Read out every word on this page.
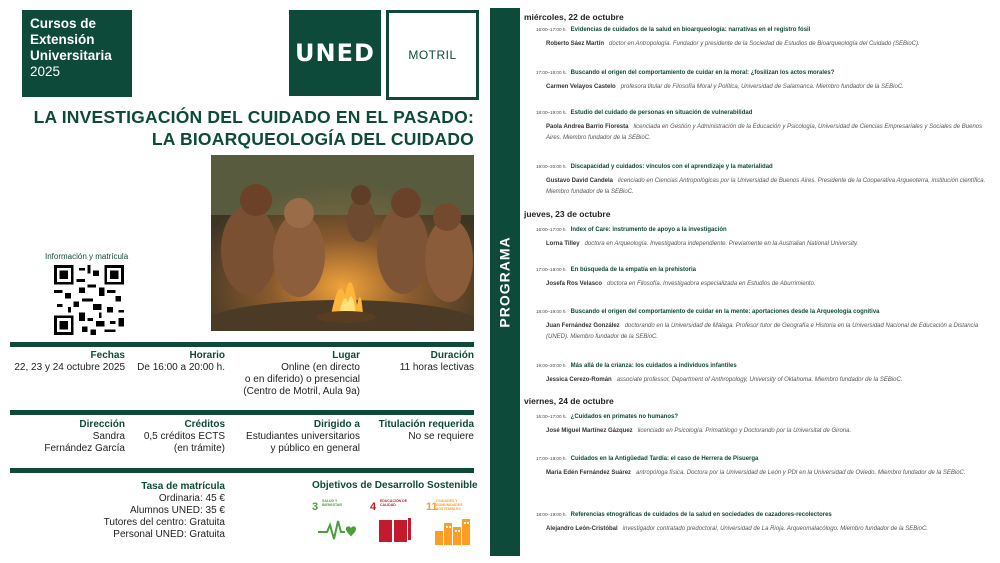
Cursos de
Extensión
Universitaria
2025
UNED	MOTRIL
LA INVESTIGACIÓN DEL CUIDADO EN EL PASADO:
LA BIOARQUEOLOGÍA DEL CUIDADO
Información y matrícula
Fechas
22, 23 y 24 octubre 2025
Horario
De 16:00 a 20:00 h.
Lugar
Online (en directo
o en diferido) o presencial
(Centro de Motril, Aula 9a)
Duración
11 horas lectivas
Dirección
Sandra
Fernández García
Créditos
0,5 créditos ECTS
(en trámite)
Dirigido a
Estudiantes universitarios
y público en general
Titulación requerida
No se requiere
Tasa de matrícula
Ordinaria: 45 €
Alumnos UNED: 35 €
Tutores del centro: Gratuita
Personal UNED: Gratuita
Objetivos de Desarrollo Sostenible
3 SALUD Y BIENESTAR	4 EDUCACIÓN DE CALIDAD	11
CIUDADES Y COMUNIDADES SOSTENIBLES
PROGRAMA
miércoles, 22 de octubre
jueves, 23 de octubre
viernes, 24 de octubre
16:00–17:00 h. Evidencias de cuidados de la salud en bioarqueología: narrativas en el registro fósil
Roberto Sáez Martín doctor en Antropología. Fundador y presidente de la Sociedad de Estudios de Bioarqueología del Cuidado (SEBioC).
17:00–18:00 h. Buscando el origen del comportamiento de cuidar en la moral: ¿fosilizan los actos morales?
Carmen Velayos Castelo profesora titular de Filosofía Moral y Política, Universidad de Salamanca. Miembro fundador de la SEBioC.
18:00–19:00 h. Estudio del cuidado de personas en situación de vulnerabilidad
Paola Andrea Barrio Fioresta licenciada en Gestión y Administración de la Educación y Psicología, Universidad de Ciencias Empresariales y Sociales de Buenos Aires. Miembro fundador de la SEBioC.
19:00–20:00 h. Discapacidad y cuidados: vínculos con el aprendizaje y la materialidad
Gustavo David Candela licenciado en Ciencias Antropológicas por la Universidad de Buenos Aires. Presidente de la Cooperativa Arqueoterra, institución científica. Miembro fundador de la SEBioC.
16:00–17:00 h. Index of Care: instrumento de apoyo a la investigación
Lorna Tilley doctora en Arqueología. Investigadora independiente. Previamente en la Australian National University.
17:00–18:00 h. En búsqueda de la empatía en la prehistoria
Josefa Ros Velasco doctora en Filosofía. Investigadora especializada en Estudios de Aburrimiento.
18:00–19:00 h. Buscando el origen del comportamiento de cuidar en la mente: aportaciones desde la Arqueología cognitiva
Juan Fernández González doctorando en la Universidad de Málaga. Profesor tutor de Geografía e Historia en la Universidad Nacional de Educación a Distancia (UNED). Miembro fundador de la SEBioC.
19:00–20:00 h. Más allá de la crianza: los cuidados a individuos infantiles
Jessica Cerezo-Román associate professor, Department of Anthropology, University of Oklahoma. Miembro fundador de la SEBioC.
16:00–17:00 h. ¿Cuidados en primates no humanos?
José Miguel Martínez Gázquez licenciado en Psicología. Primatólogo y Doctorando por la Universitat de Girona.
17:00–18:00 h. Cuidados en la Antigüedad Tardía: el caso de Herrera de Pisuerga
María Edén Fernández Suárez antropóloga física. Doctora por la Universidad de León y PDI en la Universidad de Oviedo. Miembro fundador de la SEBioC.
18:00–19:00 h. Referencias etnográficas de cuidados de la salud en sociedades de cazadores-recolectores
Alejandro León-Cristóbal investigador contratado predoctoral, Universidad de La Rioja. Arqueomalacólogo. Miembro fundador de la SEBioC.
